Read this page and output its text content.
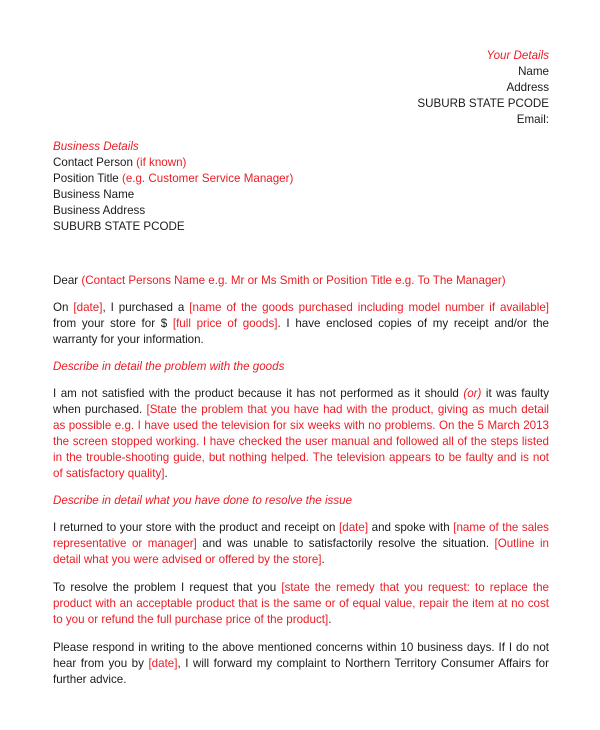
Your Details
Name
Address
SUBURB STATE PCODE
Email:
Business Details
Contact Person (if known)
Position Title (e.g. Customer Service Manager)
Business Name
Business Address
SUBURB STATE PCODE
Dear (Contact Persons Name e.g. Mr or Ms Smith or Position Title e.g. To The Manager)
On [date], I purchased a [name of the goods purchased including model number if available] from your store for $ [full price of goods]. I have enclosed copies of my receipt and/or the warranty for your information.
Describe in detail the problem with the goods
I am not satisfied with the product because it has not performed as it should (or) it was faulty when purchased. [State the problem that you have had with the product, giving as much detail as possible e.g. I have used the television for six weeks with no problems. On the 5 March 2013 the screen stopped working. I have checked the user manual and followed all of the steps listed in the trouble-shooting guide, but nothing helped. The television appears to be faulty and is not of satisfactory quality].
Describe in detail what you have done to resolve the issue
I returned to your store with the product and receipt on [date] and spoke with [name of the sales representative or manager] and was unable to satisfactorily resolve the situation. [Outline in detail what you were advised or offered by the store].
To resolve the problem I request that you [state the remedy that you request: to replace the product with an acceptable product that is the same or of equal value, repair the item at no cost to you or refund the full purchase price of the product].
Please respond in writing to the above mentioned concerns within 10 business days. If I do not hear from you by [date], I will forward my complaint to Northern Territory Consumer Affairs for further advice.
